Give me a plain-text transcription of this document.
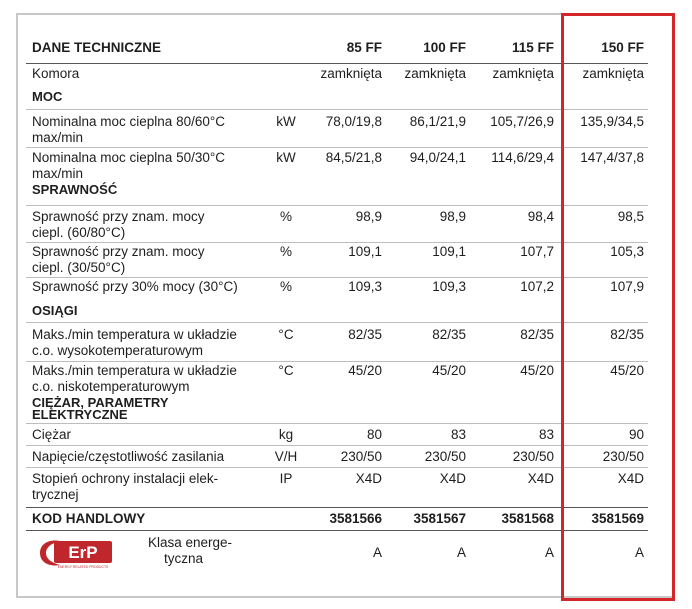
DANE TECHNICZNE	85 FF	100 FF	115 FF	150 FF
Komora	zamknięta zamknięta zamknięta zamknięta
MOC
Nominalna moc cieplna 80/60°C
max/min
kW	78,0/19,8 86,1/21,9 105,7/26,9 135,9/34,5
Nominalna moc cieplna 50/30°C
max/min
kW	84,5/21,8 94,0/24,1 114,6/29,4 147,4/37,8
SPRAWNOŚĆ
Sprawność przy znam. mocy
ciepl. (60/80°C)
%	98,9	98,9	98,4	98,5
Sprawność przy znam. mocy
ciepl. (30/50°C)
%	109,1	109,1	107,7	105,3
Sprawność przy 30% mocy (30°C)	%	109,3	109,3	107,2	107,9
OSIĄGI
Maks./min temperatura w układzie
c.o. wysokotemperaturowym
°C	82/35	82/35	82/35	82/35
Maks./min temperatura w układzie
c.o. niskotemperaturowym
°C	45/20	45/20	45/20	45/20
CIĘŻAR, PARAMETRY
ELEKTRYCZNE
Ciężar	kg	80	83	83	90
Napięcie/częstotliwość zasilania	V/H	230/50	230/50	230/50	230/50
Stopień ochrony instalacji elek-
trycznej
IP	X4D	X4D	X4D	X4D
KOD HANDLOWY	3581566 3581567	3581568	3581569
ErP
ENERGY RELATED PRODUCTS
Klasa energe-
tyczna	A	A	A	A
